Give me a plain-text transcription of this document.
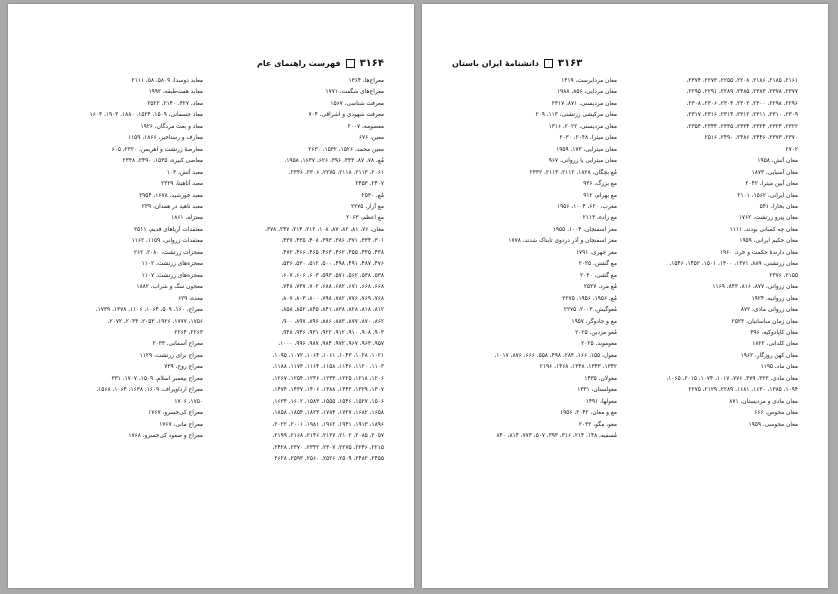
۳۱۶۴
فهرست راهنمای عام
معراج‌ها، ۱۳۶۴
معراج‌های شگفت، ۱۷۷۱
معرفت شناسی، ۱۵۶۷
معرفت شهودی و اشراقی، ۷۰۴
معصومه، ۲۰۰۷
معین، ۶۷۶
معین محمد، ۱۵۲۶، ۱۵۳۲، ۲۶۳۰
مُغ، ۷۸، ۸۷، ۳۴۳، ۳۹۶، ۶۲۶، ۱۶۳۷، ۱۹۵۸،
۲۰۶۱، ۲۱۱۳، ۲۱۱۸، ۲۲۷۵، ۲۳۰۶، ۲۳۳۶،
۲۴۰۷، ۲۴۵۳
مُغ، ۲۵۳۰
مغ آزار، ۲۲۷۵
مغ اعظم، ۲۰۶۳
مغان، ۷۶، ۸۱، ۸۲، ۸۷، ۱۰۸، ۲۱۲، ۲۱۴، ۲۴۷، ۳۷۸،
۳۰۱، ۳۳۴، ۳۷۱، ۳۸۶، ۳۹۳، ۴۰۸، ۴۳۵، ۴۳۷،
۴۳۸، ۴۴۵، ۴۵۵، ۴۶۲، ۴۶۳، ۴۶۵، ۴۶۶، ۴۷۲،
۴۷۶، ۴۸۷، ۴۹۱، ۴۹۸، ۵۰۰، ۵۱۲، ۵۳۰، ۵۳۶،
۵۳۸، ۵۳۸، ۵۶۲، ۵۷۱، ۵۹۳، ۶۰۳، ۶۰۶، ۶۰۷،
۶۶۸، ۶۶۸، ۶۷۱، ۶۸۲، ۶۸۸، ۷۰۲، ۷۳۷، ۷۴۸،
۷۶۸، ۷۶۹، ۷۷۶، ۷۸۲، ۷۹۸، ۸۰۰، ۸۰۳، ۸۰۷،
۸۱۲، ۸۱۸، ۸۲۸، ۸۳۸، ۸۴۱، ۸۴۵، ۸۵۲، ۸۵۸،
۸۶۲، ۸۷۰، ۸۷۷، ۸۸۳، ۸۸۶، ۸۹۶، ۸۹۷، ۹۰۰،
۹۰۳، ۹۰۸، ۹۱۰، ۹۱۲، ۹۲۲، ۹۳۱، ۹۴۶، ۹۴۸،
۹۵۷، ۹۶۳، ۹۶۷، ۹۷۲، ۹۸۴، ۹۸۷، ۹۹۶، ۱۰۰۰،
۱۰۲۱، ۱۰۲۸، ۱۰۴۳، ۱۰۶۱، ۱۰۶۴، ۱۰۷۲، ۱۰۹۵،
۱۱۰۳، ۱۱۲۰، ۱۱۴۶، ۱۱۵۸، ۱۱۶۴، ۱۱۷۳، ۱۱۸۸،
۱۲۰۶، ۱۲۱۸، ۱۲۲۵، ۱۲۳۳، ۱۲۳۶، ۱۲۵۴، ۱۲۶۷،
۱۳۰۷، ۱۳۲۹، ۱۳۴۲، ۱۳۸۸، ۱۴۰۶، ۱۴۳۷، ۱۴۷۴،
۱۵۰۶، ۱۵۲۷، ۱۵۴۶، ۱۵۵۵، ۱۵۸۳، ۱۶۰۲، ۱۶۳۴،
۱۶۵۸، ۱۶۸۲، ۱۷۲۷، ۱۷۸۴، ۱۸۲۳، ۱۸۵۴، ۱۸۵۸،
۱۸۹۶، ۱۹۱۳، ۱۹۴۱، ۱۹۶۲، ۱۹۸۱، ۲۰۰۱، ۲۰۲۲،
۲۰۵۷، ۲۰۸۵، ۲۱۰۲، ۲۱۲۷، ۲۱۴۶، ۲۱۶۸، ۲۱۹۹،
۲۲۱۵، ۲۲۴۶، ۲۲۷۵، ۲۳۰۷، ۲۳۴۲، ۲۳۷۰، ۲۴۲۸،
۲۴۵۵، ۲۴۸۲، ۲۵۰۹، ۲۵۲۶، ۲۵۶۰، ۲۵۹۳، ۲۶۲۸
معابد دوسدا، ۵۸۰۹، ۵۸، ۲۱۱۱
معابد هفت‌طبقه، ۱۹۹۲
معاد، ۴۲۷، ۲۱۴۰، ۲۵۲۲
معاد جسمانی، ۱۵۰۹، ۱۵۲۴، ۱۸۸۰، ۱۹۰۳، ۱۶۰۴
معاد و بعث مردگان، ۱۹۲۶
معارف و رستاخیز، ۱۸۶۶، ۱۱۵۹
معارضهٔ زرتشت و اهریمن، ۲۳۲۰، ۶۰۵
معاصی کبیره، ۱۵۳۵، ۲۴۹۰، ۲۳۴۸
معبد آتش، ۱۰۳
معبد آناهیتا، ۲۳۲۹
معبد خورشید، ۱۶۷۸، ۲۹۵۴
معبد ناهید در همدان، ۲۳۹
معتزله، ۱۸۶۱
معتقدات آریاهای قدیم، ۲۵۱۱
معتقدات زروانی، ۱۱۵۹، ۱۱۶۲
معجزات زرتشت، ۲۰۸۰، ۲۶۲
معجزه‌های زرتشت، ۱۱۰۲
معجزه‌های زرتشت، ۱۱۰۷
معجون سگ و شراب، ۱۸۸۲
معده، ۶۲۹
معراج، ۱۶۰، ۵۰۹، ۱۰۶۴، ۱۱۰۶، ۱۳۷۸، ۱۷۳۹،
۱۷۵۶، ۱۷۷۷، ۱۹۲۶، ۲۰۵۳، ۲۰۴۴، ۲۰۷۲،
۲۲۶۳، ۲۲۶۴
معراج آسمانی، ۲۰۳۳
معراج برای زرتشت، ۱۱۲۹
معراج روح، ۷۳۹
معراج پیغمبر اسلام، ۱۵۰۹، ۱۷۰۷، ۳۳۱
معراج ارداویراف، ۱۶۰۹، ۱۶۳۸، ۱۰۶۴، ۱۵۶۸،
۱۷۵۰، ۱۷۰۶
معراج کی‌خسرو، ۱۷۶۷
معراج مانی، ۱۷۶۷
معراج و صعود کی‌خسرو، ۱۷۶۸
۳۱۶۳
دانشنامهٔ ایران باستان
۲۱۶۱، ۲۱۸۵، ۲۱۸۶، ۲۲۰۸، ۲۲۵۵، ۲۲۷۳، ۲۳۷۴،
۲۳۷۷، ۲۳۷۸، ۲۳۸۳، ۲۴۸۵، ۲۲۸۹، ۲۲۹۱، ۲۲۹۵،
۲۲۹۶، ۲۲۹۸، ۲۳۰۰، ۲۳۰۲، ۲۳۰۴، ۲۳۰۶، ۲۳۰۸،
۲۳۰۹، ۲۳۱۰، ۲۳۱۱، ۲۳۱۲، ۲۳۱۴، ۲۳۱۶، ۲۳۱۷،
۲۳۲۲، ۲۳۲۳، ۲۳۲۴، ۲۳۳۴، ۲۳۳۵، ۲۳۴۴، ۲۳۵۴،
۲۳۷۰، ۲۳۷۳، ۲۴۴۶، ۲۴۸۶، ۲۴۹۰، ۲۵۱۶
۲۷۰۲
مغان آتش، ۱۹۵۸
مغان آسیایی، ۱۸۷۳
مغان آیین میترا، ۲۰۴۲
مغان ایرانی، ۱۵۶۲، ۲۱۰۱
مغان بخارا، ۵۴۱
مغان پیرو زرتشت، ۱۷۶۲
مغان چه کسانی بودند، ۱۱۱۱
مغان حکیم ایرانی، ۱۹۵۹
مغان دارندهٔ حکمت و خرد، ۱۹۶۰
مغان زرتشتی، ۸۸۹، ۱۳۷۱، ۱۴۰۰، ۱۵۰۱، ۱۴۵۲، ۱۵۴۶،
۲۱۵۵، ۲۳۷۶
مغان زروانی، ۸۷۷، ۸۱۶، ۸۴۳، ۱۱۶۹
مغان زروانیه، ۱۹۲۴
مغان زروانی مادی، ۸۷۲
مغان زمان ساسانیان، ۲۵۲۳
مغان کاپادوکیه، ۳۹۶
مغان کلدانی، ۱۸۲۲
مغان کهن روزگار، ۱۹۶۲
مغان ماد، ۱۱۹۵
مغان مادی، ۳۲۳، ۳۷۹، ۷۷۶، ۱۰۱۷، ۱۰۷۴، ۲۰۱۵، ۱۰۶۵،
۱۰۹۴، ۱۳۸۵، ۱۶۳۰، ۱۶۸۱، ۲۲۸۹، ۲۱۲۹، ۲۲۷۵
مغان مادی و مزدیسنان، ۸۷۱
مغان محوس، ۶۶۶
مغان مجوسی، ۱۹۵۹
مغان مزدایرست، ۱۴۱۹
مغان مزدایی، ۸۵۶، ۱۹۸۸
مغان مزدیسنی، ۸۷۱، ۲۳۱۷
مغان مزکیشی زرتشتی، ۱۱۳، ۲۰۹
مغان مزدیسنی، ۲۰۲۲، ۱۳۱۶
مغان میترا، ۲۰۴۸، ۲۰۳۰
مغان میترایی، ۱۷۳، ۱۹۵۹
مغان میترایی یا زروانی، ۹۶۷
مُغ بچگان، ۱۸۲۸، ۲۱۱۲، ۲۱۱۳، ۲۳۳۲
مغ بزرگ، ۹۳۶
مغ بهرام، ۹۱۲
مغرب، ۶۲۰، ۱۰۰۴، ۱۹۵۶
مغ زاده، ۲۱۱۳
مغز اسفنجان، ۱۰۰۴، ۱۹۵۵
مغز اسفنجان و آذر دردوی تابناک شدند، ۱۷۷۸
مغز جهری، ۱۷۹۱
مغ گشتن، ۲۰۲۵
مغ گشی، ۲۰۳۰
مُغ مرد، ۲۵۲۷
مُغ، ۱۹۵۶، ۱۹۵۶، ۲۲۷۵
مُغوگیش، ۲۰۰۳، ۲۲۷۵
مغ و جادوگر، ۱۹۵۷
مُغو مزدین، ۲۰۲۵
مغوموبد، ۲۰۲۵
مغول، ۱۵۵، ۱۶۶، ۲۸۴، ۴۹۸، ۵۵۸، ۶۶۶، ۸۷۶، ۱۰۱۷،
۱۳۴۲، ۱۳۴۳، ۱۳۴۸، ۱۴۶۸، ۲۱۹۶
مغولان، ۱۴۳۵
مغولستان، ۱۳۳۱
مغولها، ۱۴۹۱
مغ و مغان، ۲۰۴۲، ۱۹۵۶
مغو، مگو، ۲۰۳۲
مُسفیه، ۱۴۸، ۲۱۴، ۳۱۶، ۳۹۳، ۵۰۷، ۷۷۳، ۸۱۴، ۸۴۰
